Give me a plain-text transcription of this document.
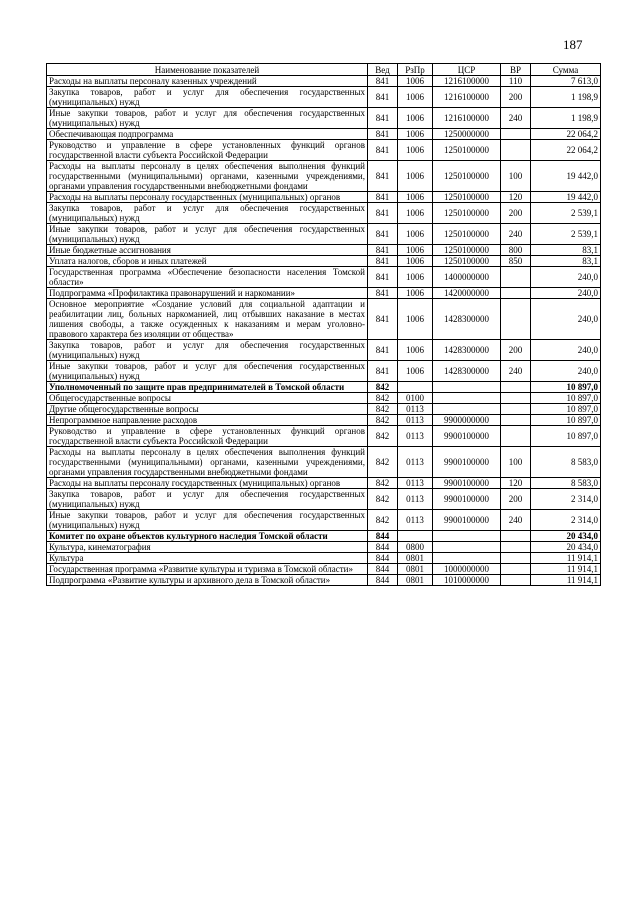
187
Наименование показателей	Вед	РзПр	ЦСР	ВР	Сумма
Расходы на выплаты персоналу казенных учреждений	841	1006	1216100000	110	7 613,0
Закупка товаров, работ и услуг для обеспечения государственных (муниципальных) нужд	841	1006	1216100000	200	1 198,9
Иные закупки товаров, работ и услуг для обеспечения государственных (муниципальных) нужд	841	1006	1216100000	240	1 198,9
Обеспечивающая подпрограмма	841	1006	1250000000		22 064,2
Руководство и управление в сфере установленных функций органов государственной власти субъекта Российской Федерации	841	1006	1250100000		22 064,2
Расходы на выплаты персоналу в целях обеспечения выполнения функций государственными (муниципальными) органами, казенными учреждениями, органами управления государственными внебюджетными фондами	841	1006	1250100000	100	19 442,0
Расходы на выплаты персоналу государственных (муниципальных) органов	841	1006	1250100000	120	19 442,0
Закупка товаров, работ и услуг для обеспечения государственных (муниципальных) нужд	841	1006	1250100000	200	2 539,1
Иные закупки товаров, работ и услуг для обеспечения государственных (муниципальных) нужд	841	1006	1250100000	240	2 539,1
Иные бюджетные ассигнования	841	1006	1250100000	800	83,1
Уплата налогов, сборов и иных платежей	841	1006	1250100000	850	83,1
Государственная программа «Обеспечение безопасности населения Томской области»	841	1006	1400000000		240,0
Подпрограмма «Профилактика правонарушений и наркомании»	841	1006	1420000000		240,0
Основное мероприятие «Создание условий для социальной адаптации и реабилитации лиц, больных наркоманией, лиц отбывших наказание в местах лишения свободы, а также осужденных к наказаниям и мерам уголовно-правового характера без изоляции от общества»	841	1006	1428300000		240,0
Закупка товаров, работ и услуг для обеспечения государственных (муниципальных) нужд	841	1006	1428300000	200	240,0
Иные закупки товаров, работ и услуг для обеспечения государственных (муниципальных) нужд	841	1006	1428300000	240	240,0
Уполномоченный по защите прав предпринимателей в Томской области	842				10 897,0
Общегосударственные вопросы	842	0100			10 897,0
Другие общегосударственные вопросы	842	0113			10 897,0
Непрограммное направление расходов	842	0113	9900000000		10 897,0
Руководство и управление в сфере установленных функций органов государственной власти субъекта Российской Федерации	842	0113	9900100000		10 897,0
Расходы на выплаты персоналу в целях обеспечения выполнения функций государственными (муниципальными) органами, казенными учреждениями, органами управления государственными внебюджетными фондами	842	0113	9900100000	100	8 583,0
Расходы на выплаты персоналу государственных (муниципальных) органов	842	0113	9900100000	120	8 583,0
Закупка товаров, работ и услуг для обеспечения государственных (муниципальных) нужд	842	0113	9900100000	200	2 314,0
Иные закупки товаров, работ и услуг для обеспечения государственных (муниципальных) нужд	842	0113	9900100000	240	2 314,0
Комитет по охране объектов культурного наследия Томской области	844				20 434,0
Культура, кинематография	844	0800			20 434,0
Культура	844	0801			11 914,1
Государственная программа «Развитие культуры и туризма в Томской области»	844	0801	1000000000		11 914,1
Подпрограмма «Развитие культуры и архивного дела в Томской области»	844	0801	1010000000		11 914,1
